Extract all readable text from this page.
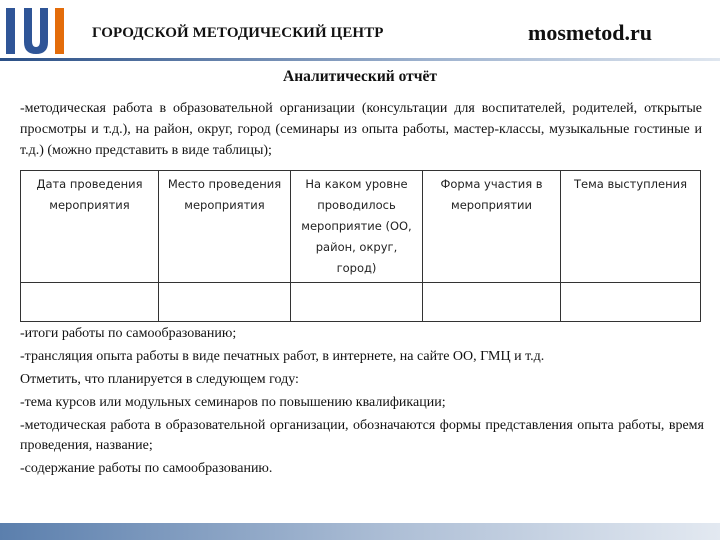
ГОРОДСКОЙ МЕТОДИЧЕСКИЙ ЦЕНТР	mosmetod.ru
Аналитический отчёт
-методическая работа в образовательной организации (консультации для воспитателей, родителей, открытые просмотры и т.д.), на район, округ, город (семинары из опыта работы, мастер-классы, музыкальные гостиные и т.д.) (можно представить в виде таблицы);
Дата проведения мероприятия	Место проведения мероприятия	На каком уровне проводилось мероприятие (ОО, район, округ, город)	Форма участия в мероприятии	Тема выступления

-итоги работы по самообразованию;
-трансляция опыта работы в виде печатных работ, в интернете, на сайте ОО, ГМЦ и т.д.
Отметить, что планируется в следующем году:
-тема курсов или модульных семинаров по повышению квалификации;
-методическая работа в образовательной организации, обозначаются формы представления опыта работы, время проведения, название;
-содержание работы по самообразованию.
